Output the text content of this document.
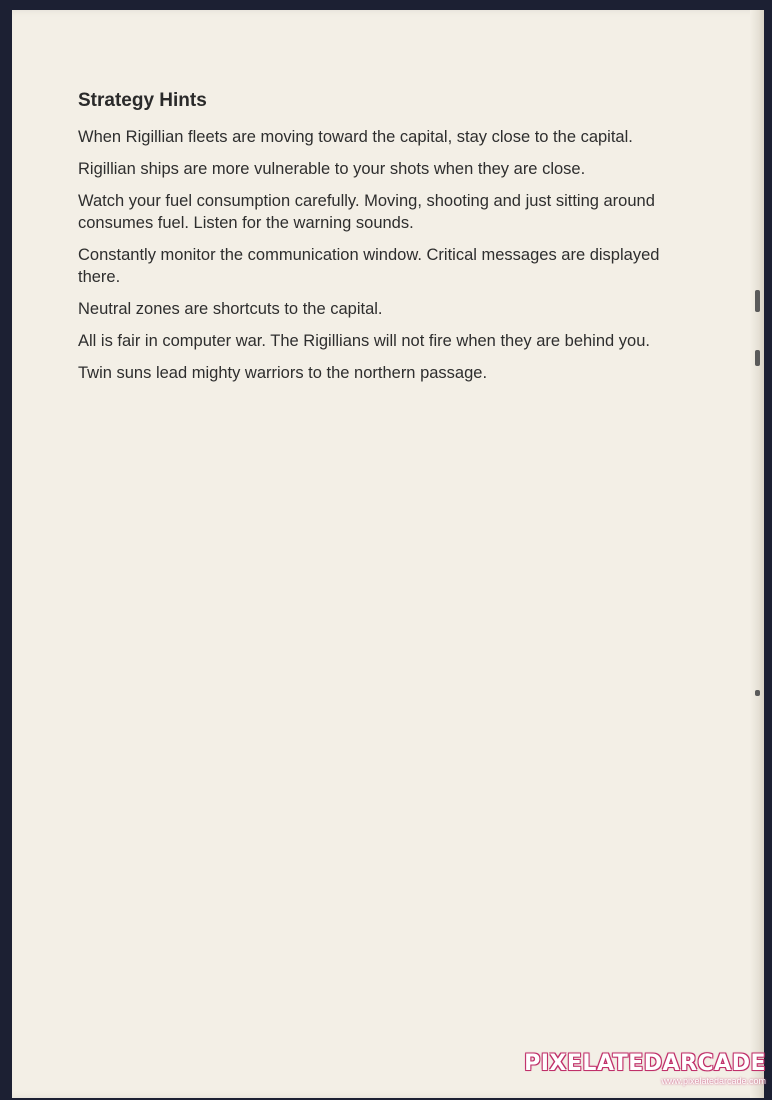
Strategy Hints

When Rigillian fleets are moving toward the capital, stay close to the capital.

Rigillian ships are more vulnerable to your shots when they are close.

Watch your fuel consumption carefully. Moving, shooting and just sitting around consumes fuel. Listen for the warning sounds.

Constantly monitor the communication window. Critical messages are displayed there.

Neutral zones are shortcuts to the capital.

All is fair in computer war. The Rigillians will not fire when they are behind you.

Twin suns lead mighty warriors to the northern passage.

PIXELATEDARCADE
www.pixelatedarcade.com
